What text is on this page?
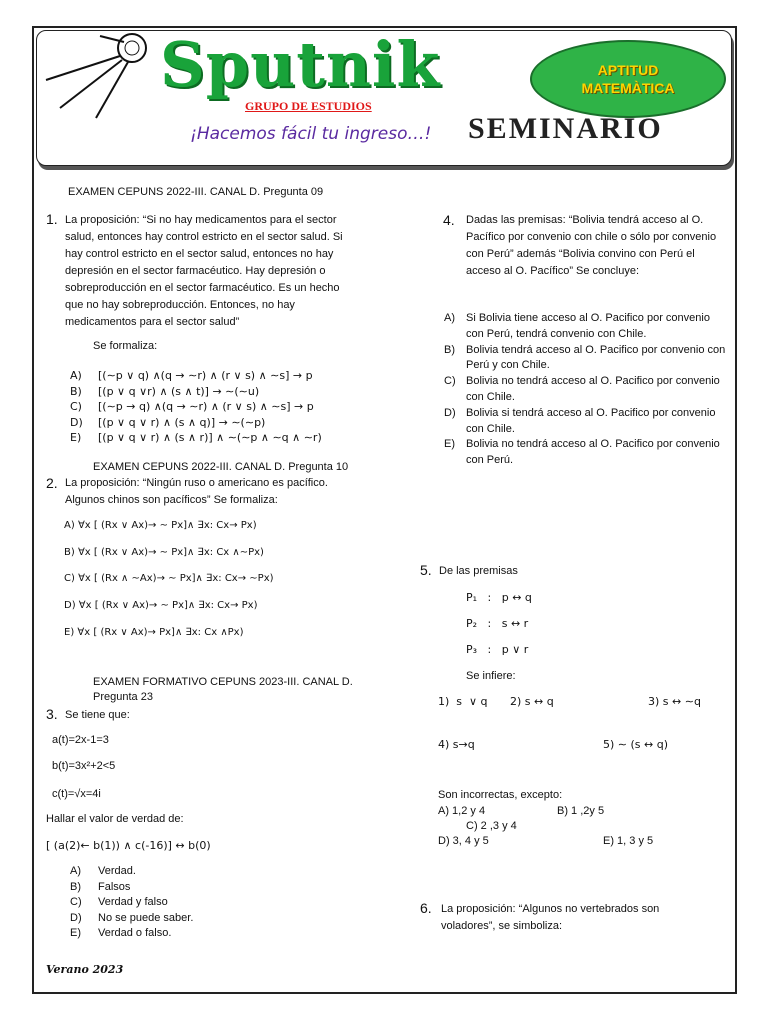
Sputnik
GRUPO DE ESTUDIOS
¡Hacemos fácil tu ingreso…!
APTITUD
MATEMÀTICA
SEMINARIO
EXAMEN CEPUNS 2022-III. CANAL D. Pregunta 09
1. La proposición: “Si no hay medicamentos para el sector salud, entonces hay control estricto en el sector salud. Si hay control estricto en el sector salud, entonces no hay depresión en el sector farmacéutico. Hay depresión o sobreproducción en el sector farmacéutico. Es un hecho que no hay sobreproducción. Entonces, no hay medicamentos para el sector salud”
Se formaliza:
A)	[(∼p ∨ q) ∧(q → ∼r) ∧ (r ∨ s) ∧ ∼s] → p
B)	[(p ∨ q ∨r) ∧ (s ∧ t)] → ∼(∼u)
C)	[(∼p → q) ∧(q → ∼r) ∧ (r ∨ s) ∧ ∼s] → p
D)	[(p ∨ q ∨ r) ∧ (s ∧ q)] → ∼(∼p)
E)	[(p ∨ q ∨ r) ∧ (s ∧ r)] ∧ ∼(∼p ∧ ∼q ∧ ∼r)
EXAMEN CEPUNS 2022-III. CANAL D. Pregunta 10
2. La proposición: “Ningún ruso o americano es pacífico. Algunos chinos son pacíficos” Se formaliza:
A) ∀x [ (Rx ∨ Ax)→ ∼ Px]∧ ∃x: Cx→ Px)
B) ∀x [ (Rx ∨ Ax)→ ∼ Px]∧ ∃x: Cx ∧∼Px)
C) ∀x [ (Rx ∧ ∼Ax)→ ∼ Px]∧ ∃x: Cx→ ∼Px)
D) ∀x [ (Rx ∨ Ax)→ ∼ Px]∧ ∃x: Cx→ Px)
E) ∀x [ (Rx ∨ Ax)→ Px]∧ ∃x: Cx ∧Px)
EXAMEN FORMATIVO CEPUNS 2023-III. CANAL D. Pregunta 23
3. Se tiene que:
a(t)=2x-1=3
b(t)=3x²+2<5
c(t)=√x=4i
Hallar el valor de verdad de:
[ (a(2)← b(1)) ∧ c(-16)] ↔ b(0)
A)	Verdad.
B)	Falsos
C)	Verdad y falso
D)	No se puede saber.
E)	Verdad o falso.
4. Dadas las premisas: “Bolivia tendrá acceso al O. Pacífico por convenio con chile o sólo por convenio con Perú” además “Bolivia convino con Perú el acceso al O. Pacífico” Se concluye:
A)	Si Bolivia tiene acceso al O. Pacifico por convenio con Perú, tendrá convenio con Chile.
B)	Bolivia tendrá acceso al O. Pacifico por convenio con Perú y con Chile.
C) Bolivia no tendrá acceso al O. Pacifico por convenio con Chile.
D) Bolivia si tendrá acceso al O. Pacifico por convenio con Chile.
E)	Bolivia no tendrá acceso al O. Pacifico por convenio con Perú.
5. De las premisas
P₁   :   p ↔ q
P₂   :   s ↔ r
P₃   :   p ∨ r
Se infiere:
1)  s  ∨ q 2) s ↔ q	3) s ↔ ∼q
4) s→q	5) ∼ (s ↔ q)
Son incorrectas, excepto:
A) 1,2 y 4	B) 1 ,2y 5
C) 2 ,3 y 4
D) 3, 4 y 5	E) 1, 3 y 5
6. La proposición: “Algunos no vertebrados son voladores”, se simboliza:
Verano 2023
